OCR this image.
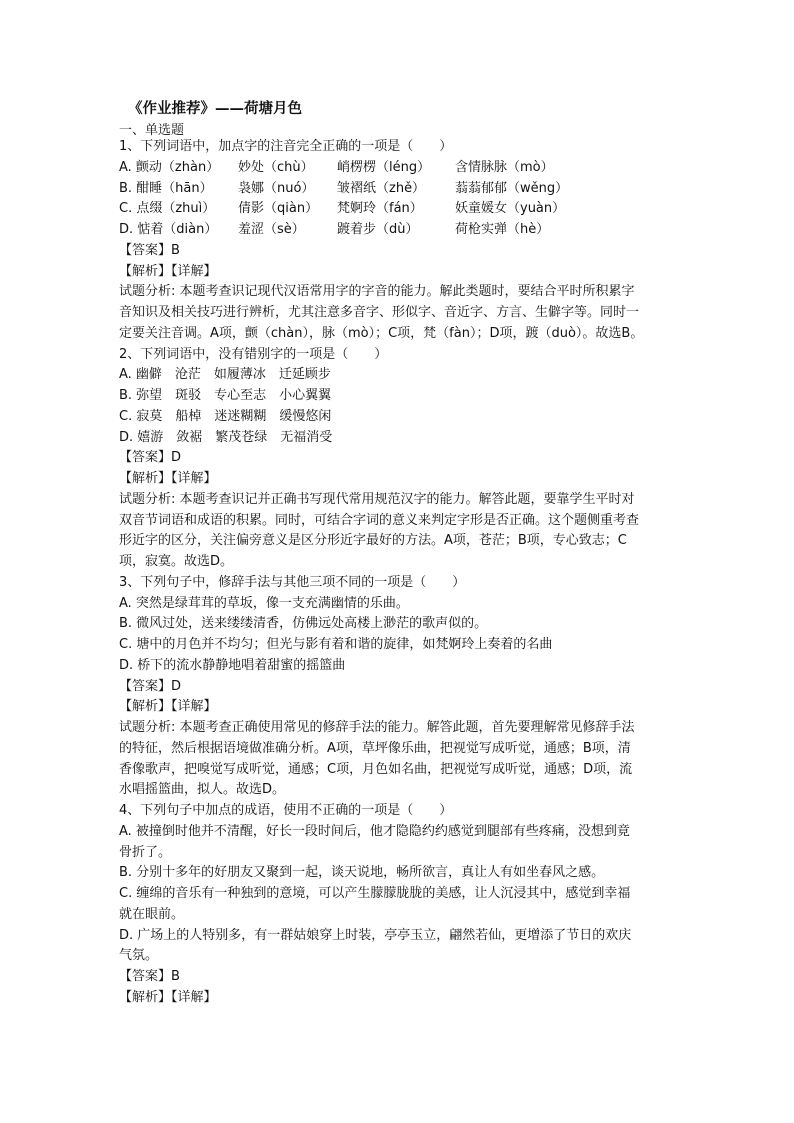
《作业推荐》——荷塘月色
一、单选题
1、下列词语中，加点字的注音完全正确的一项是（　　）
A. 颤动（zhàn）	妙处（chù）	峭楞楞（léng）	含情脉脉（mò）
B. 酣睡（hān）	袅娜（nuó）	皱褶纸（zhě）	蓊蓊郁郁（wěng）
C. 点缀（zhuì）	倩影（qiàn）	梵婀玲（fán）	妖童媛女（yuàn）
D. 惦着（diàn）	羞涩（sè）	踱着步（dù）	荷枪实弹（hè）
【答案】B
【解析】【详解】
试题分析: 本题考查识记现代汉语常用字的字音的能力。解此类题时，要结合平时所积累字
音知识及相关技巧进行辨析，尤其注意多音字、形似字、音近字、方言、生僻字等。同时一
定要关注音调。A项，颤（chàn），脉（mò）；C项，梵（fàn）；D项，踱（duò）。故选B。
2、下列词语中，没有错别字的一项是（　　）
A. 幽僻　沧茫　如履薄冰　迁延顾步
B. 弥望　斑驳　专心至志　小心翼翼
C. 寂莫　船棹　迷迷糊糊　缓慢悠闲
D. 嬉游　敛裾　繁茂苍绿　无福消受
【答案】D
【解析】【详解】
试题分析: 本题考查识记并正确书写现代常用规范汉字的能力。解答此题，要靠学生平时对
双音节词语和成语的积累。同时，可结合字词的意义来判定字形是否正确。这个题侧重考查
形近字的区分，关注偏旁意义是区分形近字最好的方法。A项，苍茫；B项，专心致志；C
项，寂寞。故选D。
3、下列句子中，修辞手法与其他三项不同的一项是（　　）
A. 突然是绿茸茸的草坂，像一支充满幽情的乐曲。
B. 微风过处，送来缕缕清香，仿佛远处高楼上渺茫的歌声似的。
C. 塘中的月色并不均匀；但光与影有着和谐的旋律，如梵婀玲上奏着的名曲
D. 桥下的流水静静地唱着甜蜜的摇篮曲
【答案】D
【解析】【详解】
试题分析: 本题考查正确使用常见的修辞手法的能力。解答此题，首先要理解常见修辞手法
的特征，然后根据语境做准确分析。A项，草坪像乐曲，把视觉写成听觉，通感；B项，清
香像歌声，把嗅觉写成听觉，通感；C项，月色如名曲，把视觉写成听觉，通感；D项，流
水唱摇篮曲，拟人。故选D。
4、下列句子中加点的成语，使用不正确的一项是（　　）
A. 被撞倒时他并不清醒，好长一段时间后，他才隐隐约约感觉到腿部有些疼痛，没想到竟
骨折了。
B. 分别十多年的好朋友又聚到一起，谈天说地，畅所欲言，真让人有如坐春风之感。
C. 缠绵的音乐有一种独到的意境，可以产生朦朦胧胧的美感，让人沉浸其中，感觉到幸福
就在眼前。
D. 广场上的人特别多，有一群姑娘穿上时装，亭亭玉立，翩然若仙，更增添了节日的欢庆
气氛。
【答案】B
【解析】【详解】
